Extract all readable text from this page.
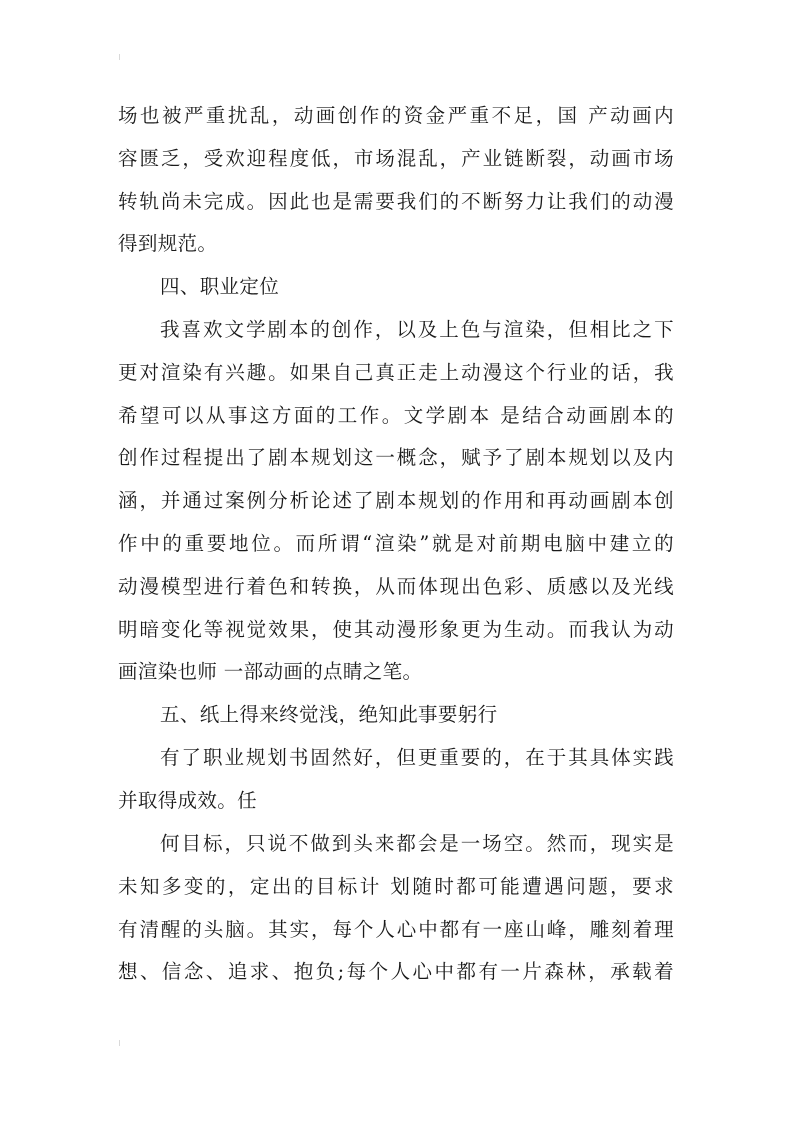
场也被严重扰乱，动画创作的资金严重不足，国 产动画内
容匮乏，受欢迎程度低，市场混乱，产业链断裂，动画市场
转轨尚未完成。因此也是需要我们的不断努力让我们的动漫
得到规范。
四、职业定位
我喜欢文学剧本的创作，以及上色与渲染，但相比之下
更对渲染有兴趣。如果自己真正走上动漫这个行业的话，我
希望可以从事这方面的工作。文学剧本 是结合动画剧本的
创作过程提出了剧本规划这一概念，赋予了剧本规划以及内
涵，并通过案例分析论述了剧本规划的作用和再动画剧本创
作中的重要地位。而所谓“渲染”就是对前期电脑中建立的
动漫模型进行着色和转换，从而体现出色彩、质感以及光线
明暗变化等视觉效果，使其动漫形象更为生动。而我认为动
画渲染也师 一部动画的点睛之笔。
五、纸上得来终觉浅，绝知此事要躬行
有了职业规划书固然好，但更重要的，在于其具体实践
并取得成效。任
何目标，只说不做到头来都会是一场空。然而，现实是
未知多变的，定出的目标计 划随时都可能遭遇问题，要求
有清醒的头脑。其实，每个人心中都有一座山峰，雕刻着理
想、信念、追求、抱负;每个人心中都有一片森林，承载着
